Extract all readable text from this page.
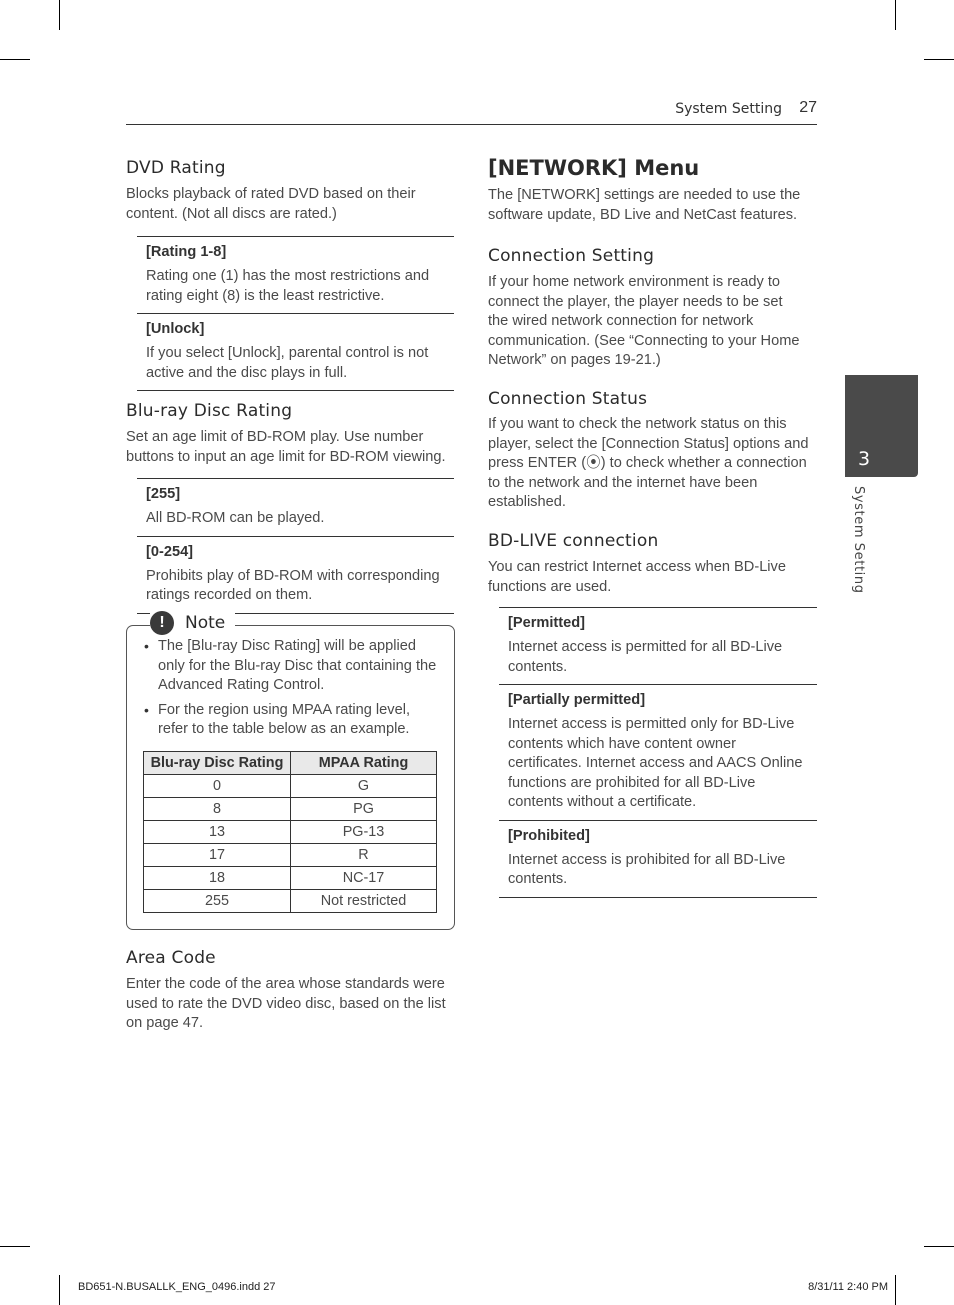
System Setting 27
DVD Rating

Blocks playback of rated DVD based on their content. (Not all discs are rated.)

[Rating 1-8]
Rating one (1) has the most restrictions and rating eight (8) is the least restrictive.
[Unlock]
If you select [Unlock], parental control is not active and the disc plays in full.
Blu-ray Disc Rating

Set an age limit of BD-ROM play. Use number buttons to input an age limit for BD-ROM viewing.

[255]
All BD-ROM can be played.
[0-254]
Prohibits play of BD-ROM with corresponding ratings recorded on them.
!	Note
• The [Blu-ray Disc Rating] will be applied only for the Blu-ray Disc that containing the Advanced Rating Control.
• For the region using MPAA rating level, refer to the table below as an example.
Blu-ray Disc Rating	MPAA Rating
0	G
8	PG
13	PG-13
17	R
18	NC-17
255	Not restricted
Area Code

Enter the code of the area whose standards were used to rate the DVD video disc, based on the list on page 47.

[NETWORK] Menu

The [NETWORK] settings are needed to use the software update, BD Live and NetCast features.

Connection Setting

If your home network environment is ready to connect the player, the player needs to be set the wired network connection for network communication. (See “Connecting to your Home Network” on pages 19-21.)

Connection Status

If you want to check the network status on this player, select the [Connection Status] options and press ENTER (⦿) to check whether a connection to the network and the internet have been established.

BD-LIVE connection

You can restrict Internet access when BD-Live functions are used.

[Permitted]
Internet access is permitted for all BD-Live contents.
[Partially permitted]
Internet access is permitted only for BD-Live contents which have content owner certificates. Internet access and AACS Online functions are prohibited for all BD-Live contents without a certificate.
[Prohibited]
Internet access is prohibited for all BD-Live contents.
3
System Setting
BD651-N.BUSALLK_ENG_0496.indd 27	8/31/11 2:40 PM
